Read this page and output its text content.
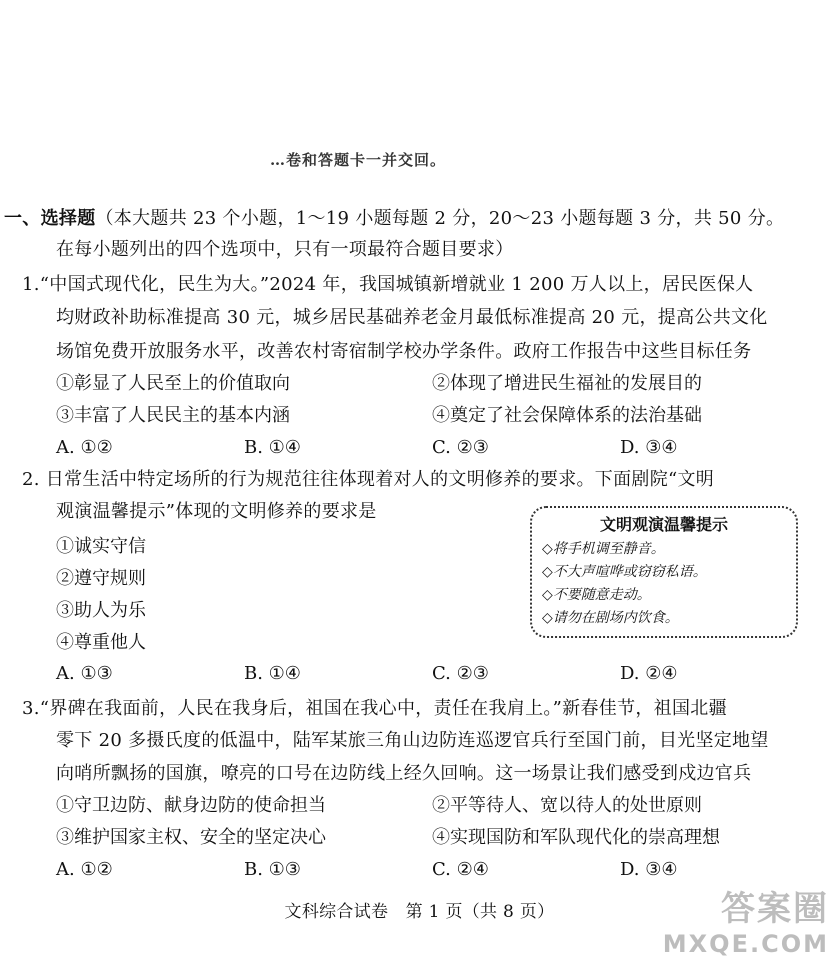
…卷和答题卡一并交回。
一、选择题（本大题共 23 个小题，1～19 小题每题 2 分，20～23 小题每题 3 分，共 50 分。
在每小题列出的四个选项中，只有一项最符合题目要求）
1.“中国式现代化，民生为大。”2024 年，我国城镇新增就业 1 200 万人以上，居民医保人
均财政补助标准提高 30 元，城乡居民基础养老金月最低标准提高 20 元，提高公共文化
场馆免费开放服务水平，改善农村寄宿制学校办学条件。政府工作报告中这些目标任务
①彰显了人民至上的价值取向	②体现了增进民生福祉的发展目的
③丰富了人民民主的基本内涵	④奠定了社会保障体系的法治基础
A. ①②	B. ①④	C. ②③	D. ③④
2. 日常生活中特定场所的行为规范往往体现着对人的文明修养的要求。下面剧院“文明
观演温馨提示”体现的文明修养的要求是
①诚实守信
②遵守规则
③助人为乐
④尊重他人
文明观演温馨提示
◇将手机调至静音。
◇不大声喧哗或窃窃私语。
◇不要随意走动。
◇请勿在剧场内饮食。
A. ①③	B. ①④	C. ②③	D. ②④
3.“界碑在我面前，人民在我身后，祖国在我心中，责任在我肩上。”新春佳节，祖国北疆
零下 20 多摄氏度的低温中，陆军某旅三角山边防连巡逻官兵行至国门前，目光坚定地望
向哨所飘扬的国旗，嘹亮的口号在边防线上经久回响。这一场景让我们感受到戍边官兵
①守卫边防、献身边防的使命担当	②平等待人、宽以待人的处世原则
③维护国家主权、安全的坚定决心	④实现国防和军队现代化的崇高理想
A. ①②	B. ①③	C. ②④	D. ③④
文科综合试卷　第 1 页（共 8 页）	答案圈
MXQE.COM
